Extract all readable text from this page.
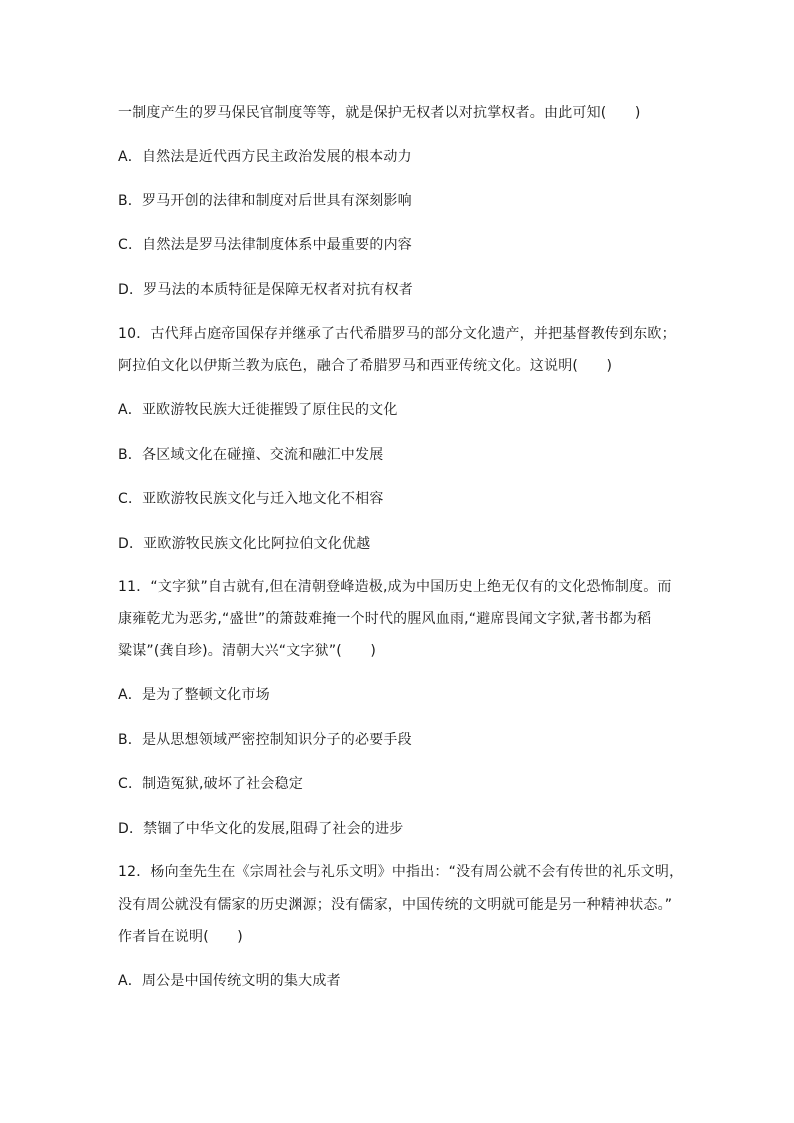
一制度产生的罗马保民官制度等等，就是保护无权者以对抗掌权者。由此可知(　　)
A．自然法是近代西方民主政治发展的根本动力
B．罗马开创的法律和制度对后世具有深刻影响
C．自然法是罗马法律制度体系中最重要的内容
D．罗马法的本质特征是保障无权者对抗有权者
10．古代拜占庭帝国保存并继承了古代希腊罗马的部分文化遗产，并把基督教传到东欧；
阿拉伯文化以伊斯兰教为底色，融合了希腊罗马和西亚传统文化。这说明(　　)
A．亚欧游牧民族大迁徙摧毁了原住民的文化
B．各区域文化在碰撞、交流和融汇中发展
C．亚欧游牧民族文化与迁入地文化不相容
D．亚欧游牧民族文化比阿拉伯文化优越
11．“文字狱”自古就有,但在清朝登峰造极,成为中国历史上绝无仅有的文化恐怖制度。而
康雍乾尤为恶劣,“盛世”的箫鼓难掩一个时代的腥风血雨,“避席畏闻文字狱,著书都为稻
粱谋”(龚自珍)。清朝大兴“文字狱”(　　)
A．是为了整顿文化市场
B．是从思想领域严密控制知识分子的必要手段
C．制造冤狱,破坏了社会稳定
D．禁锢了中华文化的发展,阻碍了社会的进步
12．杨向奎先生在《宗周社会与礼乐文明》中指出：“没有周公就不会有传世的礼乐文明，
没有周公就没有儒家的历史渊源；没有儒家，中国传统的文明就可能是另一种精神状态。”
作者旨在说明(　　)
A．周公是中国传统文明的集大成者
